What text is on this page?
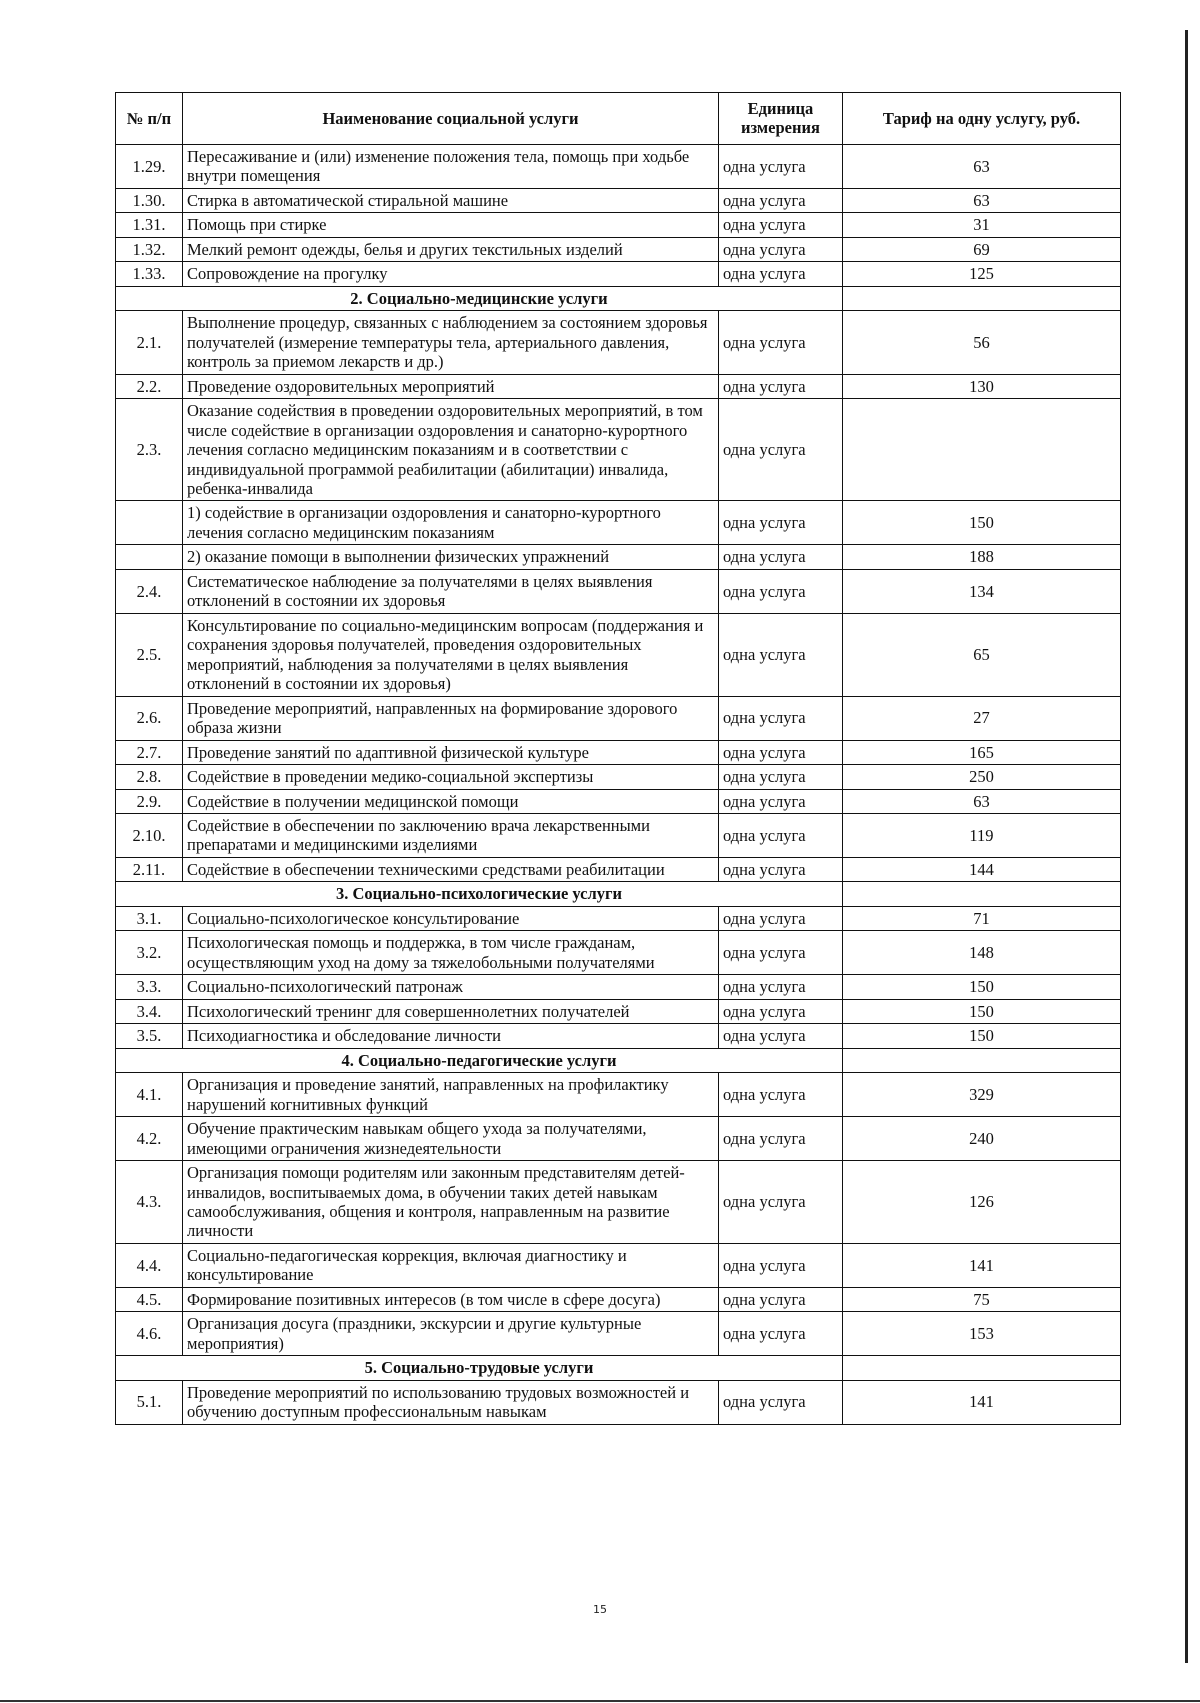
№ п/п	Наименование социальной услуги	Единица измерения	Тариф на одну услугу, руб.
1.29.	Пересаживание и (или) изменение положения тела, помощь при ходьбе внутри помещения	одна услуга	63
1.30.	Стирка в автоматической стиральной машине	одна услуга	63
1.31.	Помощь при стирке	одна услуга	31
1.32.	Мелкий ремонт одежды, белья и других текстильных изделий	одна услуга	69
1.33.	Сопровождение на прогулку	одна услуга	125
2. Социально-медицинские услуги			
2.1.	Выполнение процедур, связанных с наблюдением за состоянием здоровья получателей (измерение температуры тела, артериального давления, контроль за приемом лекарств и др.)	одна услуга	56
2.2.	Проведение оздоровительных мероприятий	одна услуга	130
2.3.	Оказание содействия в проведении оздоровительных мероприятий, в том числе содействие в организации оздоровления и санаторно-курортного лечения согласно медицинским показаниям и в соответствии с индивидуальной программой реабилитации (абилитации) инвалида, ребенка-инвалида	одна услуга	
	1) содействие в организации оздоровления и санаторно-курортного лечения согласно медицинским показаниям	одна услуга	150
	2) оказание помощи в выполнении физических упражнений	одна услуга	188
2.4.	Систематическое наблюдение за получателями в целях выявления отклонений в состоянии их здоровья	одна услуга	134
2.5.	Консультирование по социально-медицинским вопросам (поддержания и сохранения здоровья получателей, проведения оздоровительных мероприятий, наблюдения за получателями в целях выявления отклонений в состоянии их здоровья)	одна услуга	65
2.6.	Проведение мероприятий, направленных на формирование здорового образа жизни	одна услуга	27
2.7.	Проведение занятий по адаптивной физической культуре	одна услуга	165
2.8.	Содействие в проведении медико-социальной экспертизы	одна услуга	250
2.9.	Содействие в получении медицинской помощи	одна услуга	63
2.10.	Содействие в обеспечении по заключению врача лекарственными препаратами и медицинскими изделиями	одна услуга	119
2.11.	Содействие в обеспечении техническими средствами реабилитации	одна услуга	144
3. Социально-психологические услуги			
3.1.	Социально-психологическое консультирование	одна услуга	71
3.2.	Психологическая помощь и поддержка, в том числе гражданам, осуществляющим уход на дому за тяжелобольными получателями	одна услуга	148
3.3.	Социально-психологический патронаж	одна услуга	150
3.4.	Психологический тренинг для совершеннолетних получателей	одна услуга	150
3.5.	Психодиагностика и обследование личности	одна услуга	150
4. Социально-педагогические услуги			
4.1.	Организация и проведение занятий, направленных на профилактику нарушений когнитивных функций	одна услуга	329
4.2.	Обучение практическим навыкам общего ухода за получателями, имеющими ограничения жизнедеятельности	одна услуга	240
4.3.	Организация помощи родителям или законным представителям детей-инвалидов, воспитываемых дома, в обучении таких детей навыкам самообслуживания, общения и контроля, направленным на развитие личности	одна услуга	126
4.4.	Социально-педагогическая коррекция, включая диагностику и консультирование	одна услуга	141
4.5.	Формирование позитивных интересов (в том числе в сфере досуга)	одна услуга	75
4.6.	Организация досуга (праздники, экскурсии и другие культурные мероприятия)	одна услуга	153
5. Социально-трудовые услуги			
5.1.	Проведение мероприятий по использованию трудовых возможностей и обучению доступным профессиональным навыкам	одна услуга	141
15
